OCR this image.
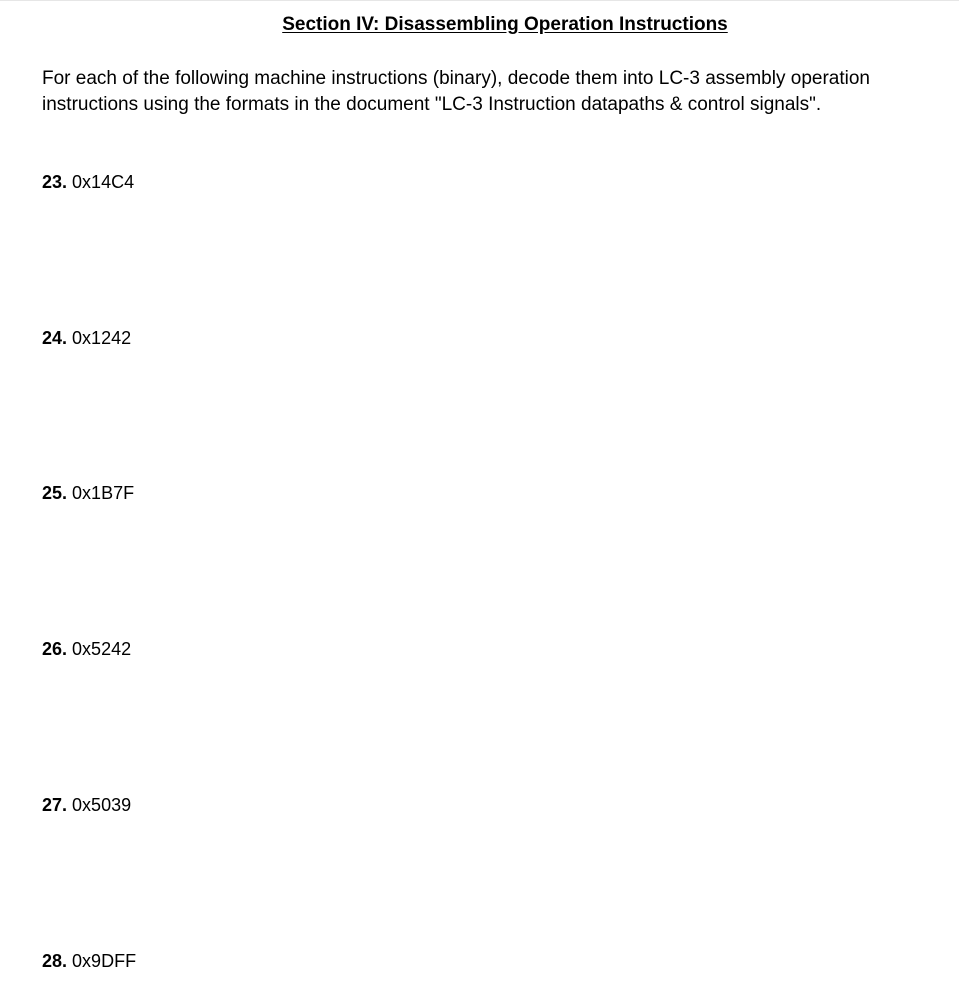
Section IV: Disassembling Operation Instructions
For each of the following machine instructions (binary), decode them into LC-3 assembly operation
instructions using the formats in the document "LC-3 Instruction datapaths & control signals".
23. 0x14C4
24. 0x1242
25. 0x1B7F
26. 0x5242
27. 0x5039
28. 0x9DFF
